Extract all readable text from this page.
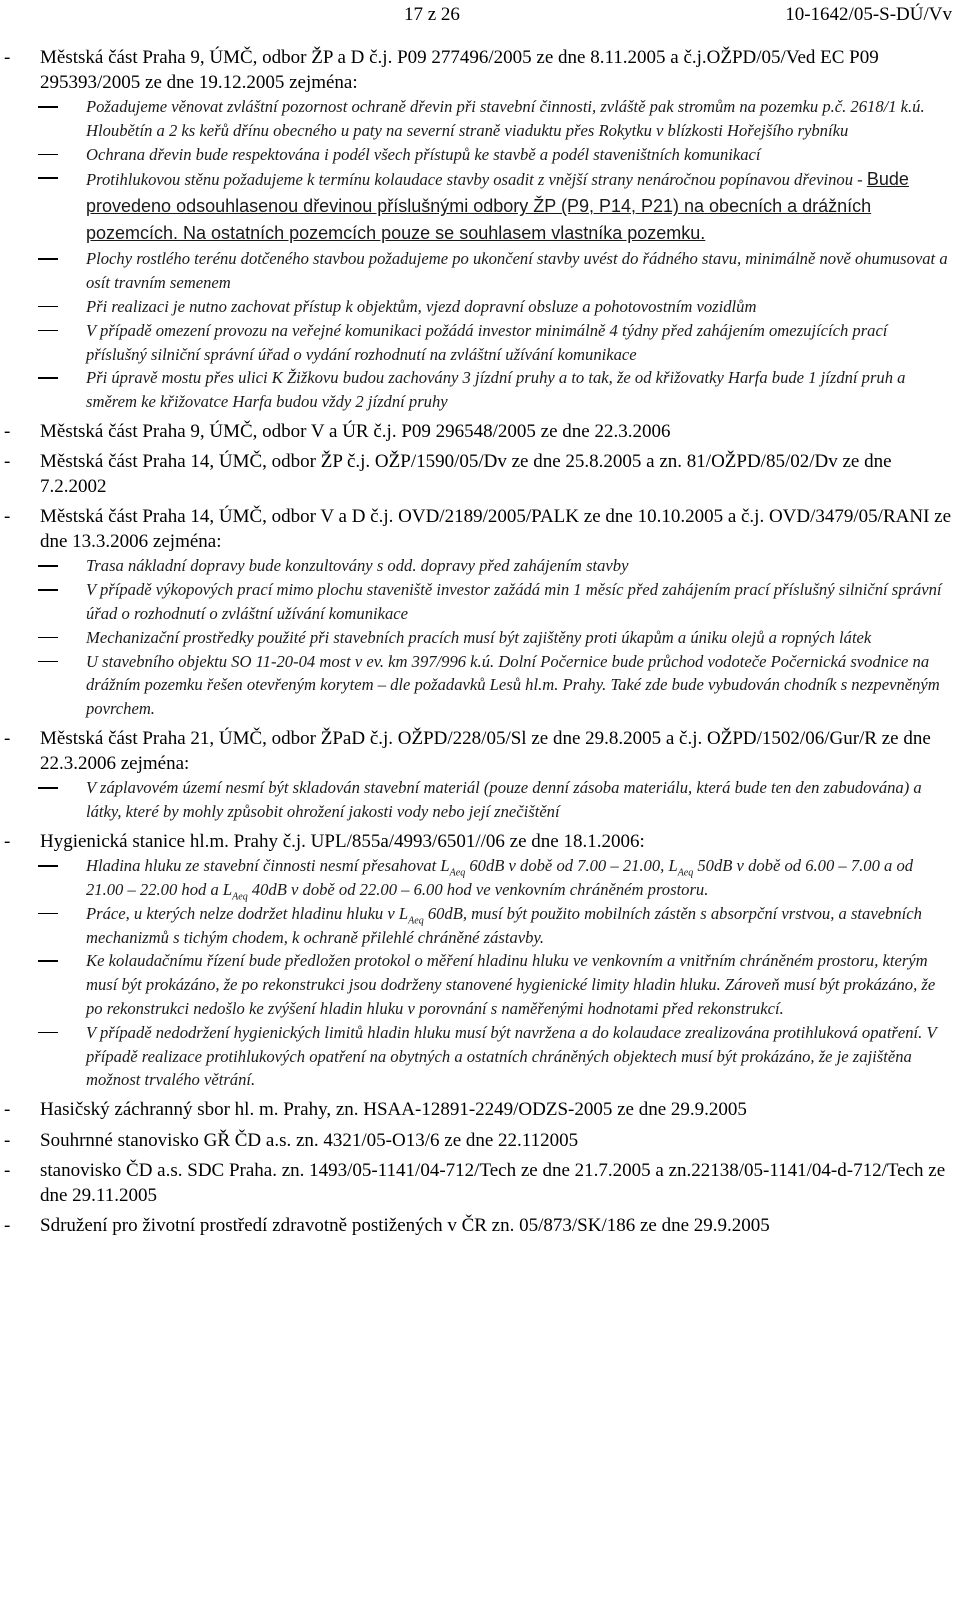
17 z 26	10-1642/05-S-DÚ/Vv
- Městská část Praha 9, ÚMČ, odbor ŽP a D č.j. P09 277496/2005 ze dne 8.11.2005 a č.j.OŽPD/05/Ved EC P09 295393/2005 ze dne 19.12.2005 zejména:
Požadujeme věnovat zvláštní pozornost ochraně dřevin při stavební činnosti, zvláště pak stromům na pozemku p.č. 2618/1 k.ú. Hloubětín a 2 ks keřů dřínu obecného u paty na severní straně viaduktu přes Rokytku v blízkosti Hořejšího rybníku
Ochrana dřevin bude respektována i podél všech přístupů ke stavbě a podél staveništních komunikací
Protihlukovou stěnu požadujeme k termínu kolaudace stavby osadit z vnější strany nenáročnou popínavou dřevinou - Bude provedeno odsouhlasenou dřevinou příslušnými odbory ŽP (P9, P14, P21) na obecních a drážních pozemcích. Na ostatních pozemcích pouze se souhlasem vlastníka pozemku.
Plochy rostlého terénu dotčeného stavbou požadujeme po ukončení stavby uvést do řádného stavu, minimálně nově ohumusovat a osít travním semenem
Při realizaci je nutno zachovat přístup k objektům, vjezd dopravní obsluze a pohotovostním vozidlům
V případě omezení provozu na veřejné komunikaci požádá investor minimálně 4 týdny před zahájením omezujících prací příslušný silniční správní úřad o vydání rozhodnutí na zvláštní užívání komunikace
Při úpravě mostu přes ulici K Žižkovu budou zachovány 3 jízdní pruhy a to tak, že od křižovatky Harfa bude 1 jízdní pruh a směrem ke křižovatce Harfa budou vždy 2 jízdní pruhy
- Městská část Praha 9, ÚMČ, odbor V a ÚR č.j. P09 296548/2005 ze dne 22.3.2006
- Městská část Praha 14, ÚMČ, odbor ŽP č.j. OŽP/1590/05/Dv ze dne 25.8.2005 a zn. 81/OŽPD/85/02/Dv ze dne 7.2.2002
- Městská část Praha 14, ÚMČ, odbor V a D č.j. OVD/2189/2005/PALK ze dne 10.10.2005 a č.j. OVD/3479/05/RANI ze dne 13.3.2006 zejména:
Trasa nákladní dopravy bude konzultovány s odd. dopravy před zahájením stavby
V případě výkopových prací mimo plochu staveniště investor zažádá min 1 měsíc před zahájením prací příslušný silniční správní úřad o rozhodnutí o zvláštní užívání komunikace
Mechanizační prostředky použité při stavebních pracích musí být zajištěny proti úkapům a úniku olejů a ropných látek
U stavebního objektu SO 11-20-04 most v ev. km 397/996 k.ú. Dolní Počernice bude průchod vodoteče Počernická svodnice na drážním pozemku řešen otevřeným korytem – dle požadavků Lesů hl.m. Prahy. Také zde bude vybudován chodník s nezpevněným povrchem.
- Městská část Praha 21, ÚMČ, odbor ŽPaD č.j. OŽPD/228/05/Sl ze dne 29.8.2005 a č.j. OŽPD/1502/06/Gur/R ze dne 22.3.2006 zejména:
V záplavovém území nesmí být skladován stavební materiál (pouze denní zásoba materiálu, která bude ten den zabudována) a látky, které by mohly způsobit ohrožení jakosti vody nebo její znečištění
- Hygienická stanice hl.m. Prahy č.j. UPL/855a/4993/6501//06 ze dne 18.1.2006:
Hladina hluku ze stavební činnosti nesmí přesahovat $L_{Aeq}$ 60dB v době od 7.00 – 21.00, $L_{Aeq}$ 50dB v době od 6.00 – 7.00 a od 21.00 – 22.00 hod a $L_{Aeq}$ 40dB v době od 22.00 – 6.00 hod ve venkovním chráněném prostoru.
Práce, u kterých nelze dodržet hladinu hluku v $L_{Aeq}$ 60dB, musí být použito mobilních zástěn s absorpční vrstvou, a stavebních mechanizmů s tichým chodem, k ochraně přilehlé chráněné zástavby.
Ke kolaudačnímu řízení bude předložen protokol o měření hladinu hluku ve venkovním a vnitřním chráněném prostoru, kterým musí být prokázáno, že po rekonstrukci jsou dodrženy stanovené hygienické limity hladin hluku. Zároveň musí být prokázáno, že po rekonstrukci nedošlo ke zvýšení hladin hluku v porovnání s naměřenými hodnotami před rekonstrukcí.
V případě nedodržení hygienických limitů hladin hluku musí být navržena a do kolaudace zrealizována protihluková opatření. V případě realizace protihlukových opatření na obytných a ostatních chráněných objektech musí být prokázáno, že je zajištěna možnost trvalého větrání.
- Hasičský záchranný sbor hl. m. Prahy, zn. HSAA-12891-2249/ODZS-2005 ze dne 29.9.2005
- Souhrnné stanovisko GŘ ČD a.s. zn. 4321/05-O13/6 ze dne 22.112005
- stanovisko ČD a.s. SDC Praha. zn. 1493/05-1141/04-712/Tech ze dne 21.7.2005 a zn.22138/05-1141/04-d-712/Tech ze dne 29.11.2005
- Sdružení pro životní prostředí zdravotně postižených v ČR zn. 05/873/SK/186 ze dne 29.9.2005
